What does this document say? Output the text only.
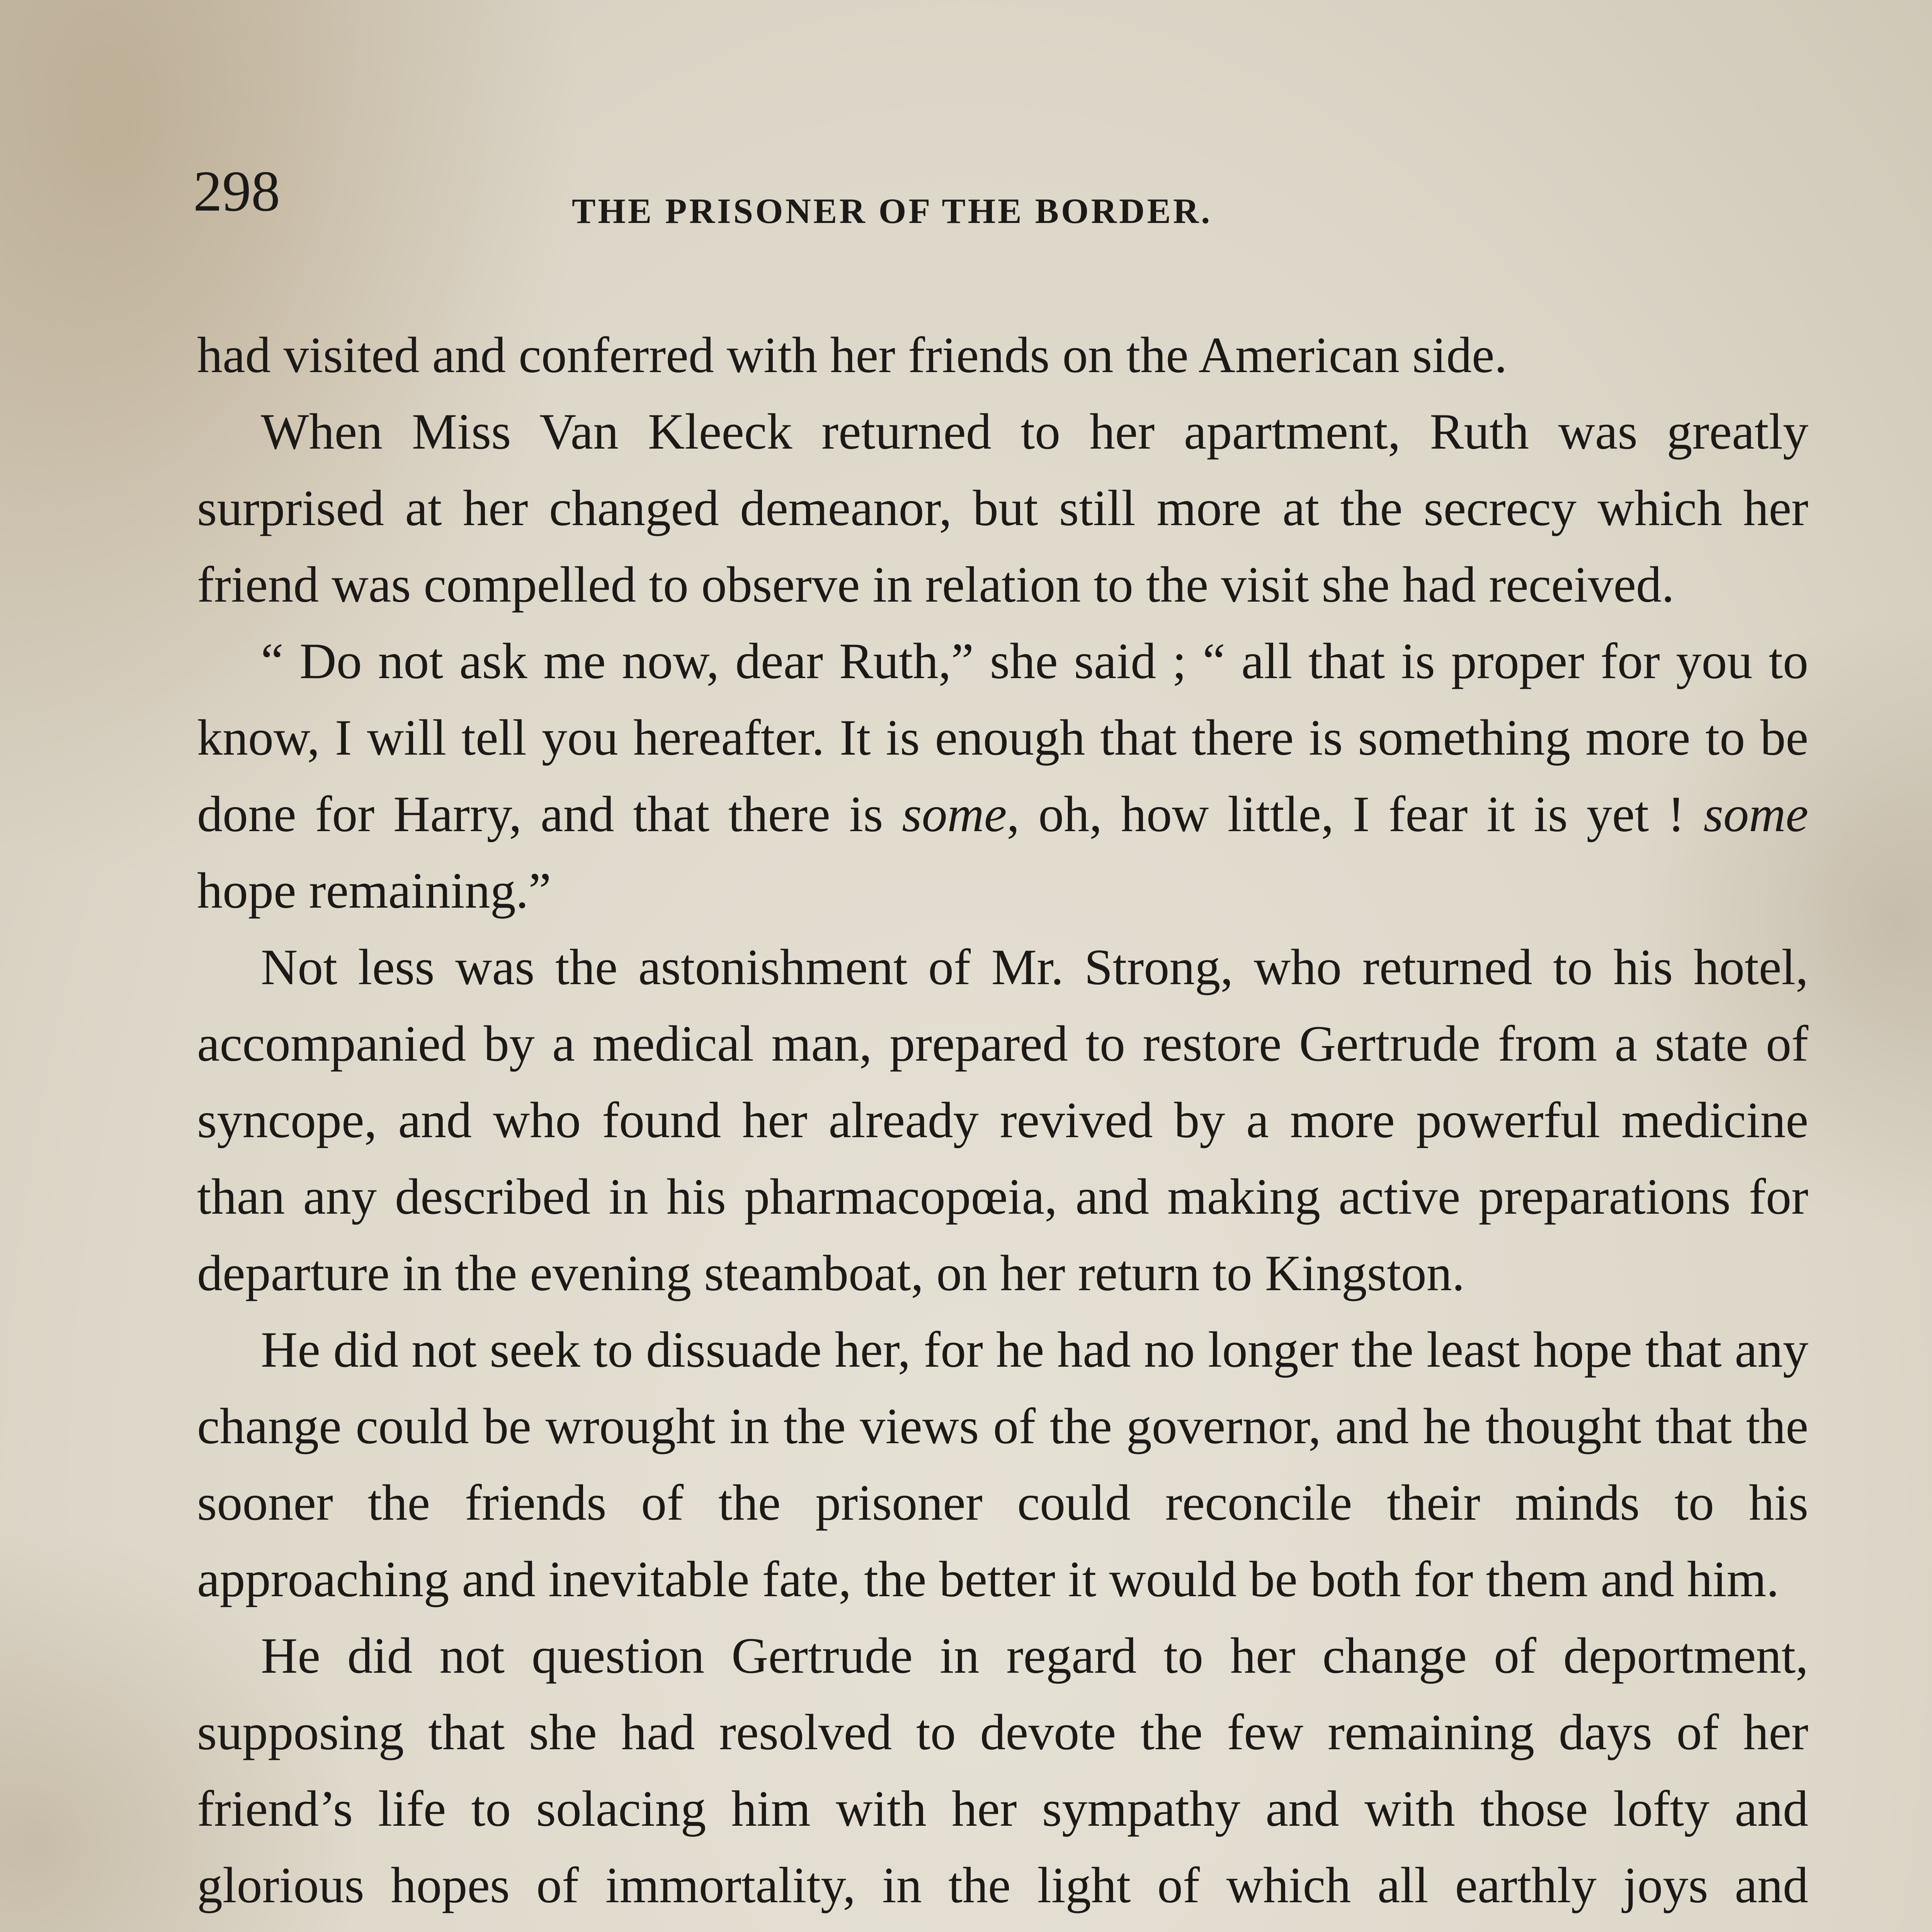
298	THE PRISONER OF THE BORDER.

had visited and conferred with her friends on the American side.

When Miss Van Kleeck returned to her apartment, Ruth was greatly surprised at her changed demeanor, but still more at the secrecy which her friend was compelled to observe in relation to the visit she had received.

“ Do not ask me now, dear Ruth,” she said ; “ all that is proper for you to know, I will tell you hereafter. It is enough that there is something more to be done for Harry, and that there is some, oh, how little, I fear it is yet ! some hope remaining.”

Not less was the astonishment of Mr. Strong, who returned to his hotel, accompanied by a medical man, prepared to restore Gertrude from a state of syncope, and who found her already revived by a more powerful medicine than any described in his pharmacopœia, and making active preparations for departure in the evening steamboat, on her return to Kingston.

He did not seek to dissuade her, for he had no longer the least hope that any change could be wrought in the views of the governor, and he thought that the sooner the friends of the prisoner could reconcile their minds to his approaching and inevitable fate, the better it would be both for them and him.

He did not question Gertrude in regard to her change of deportment, supposing that she had resolved to devote the few remaining days of her friend’s life to solacing him with her sympathy and with those lofty and glorious hopes of immortality, in the light of which all earthly joys and
